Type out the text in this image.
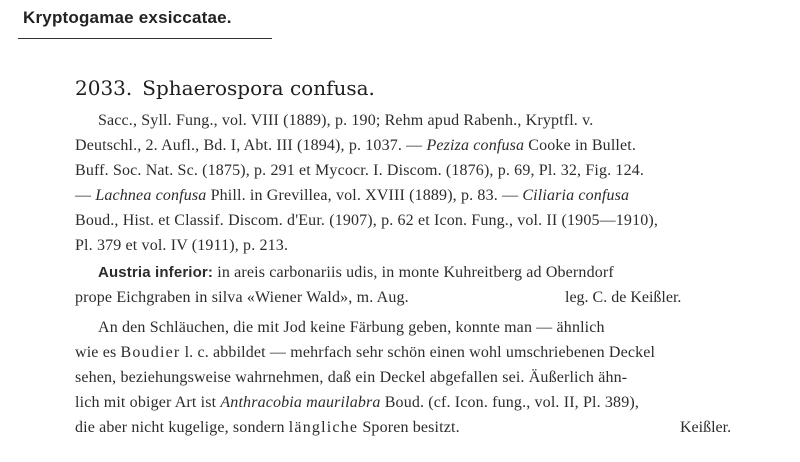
Kryptogamae exsiccatae.
2033. Sphaerospora confusa.
Sacc., Syll. Fung., vol. VIII (1889), p. 190; Rehm apud Rabenh., Kryptfl. v.
Deutschl., 2. Aufl., Bd. I, Abt. III (1894), p. 1037. — Peziza confusa Cooke in Bullet.
Buff. Soc. Nat. Sc. (1875), p. 291 et Mycocr. I. Discom. (1876), p. 69, Pl. 32, Fig. 124.
— Lachnea confusa Phill. in Grevillea, vol. XVIII (1889), p. 83. — Ciliaria confusa
Boud., Hist. et Classif. Discom. d'Eur. (1907), p. 62 et Icon. Fung., vol. II (1905—1910),
Pl. 379 et vol. IV (1911), p. 213.
Austria inferior: in areis carbonariis udis, in monte Kuhreitberg ad Oberndorf
prope Eichgraben in silva «Wiener Wald», m. Aug.	leg. C. de Keißler.
An den Schläuchen, die mit Jod keine Färbung geben, konnte man — ähnlich
wie es Boudier l. c. abbildet — mehrfach sehr schön einen wohl umschriebenen Deckel
sehen, beziehungsweise wahrnehmen, daß ein Deckel abgefallen sei. Äußerlich ähn-
lich mit obiger Art ist Anthracobia maurilabra Boud. (cf. Icon. fung., vol. II, Pl. 389),
die aber nicht kugelige, sondern längliche Sporen besitzt.	Keißler.
